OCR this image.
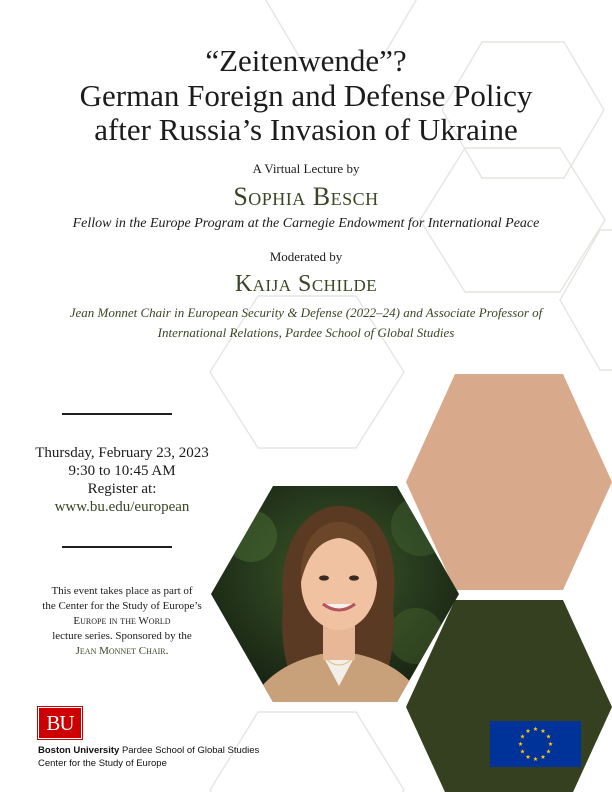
“Zeitenwende”?
German Foreign and Defense Policy
after Russia’s Invasion of Ukraine
A Virtual Lecture by
Sophia Besch
Fellow in the Europe Program at the Carnegie Endowment for International Peace
Moderated by
Kaija Schilde
Jean Monnet Chair in European Security & Defense (2022–24) and Associate Professor of
International Relations, Pardee School of Global Studies
Thursday, February 23, 2023
9:30 to 10:45 AM
Register at:
www.bu.edu/european
This event takes place as part of
the Center for the Study of Europe’s
Europe in the World
lecture series. Sponsored by the
Jean Monnet Chair.
BU
Boston University Pardee School of Global Studies
Center for the Study of Europe
